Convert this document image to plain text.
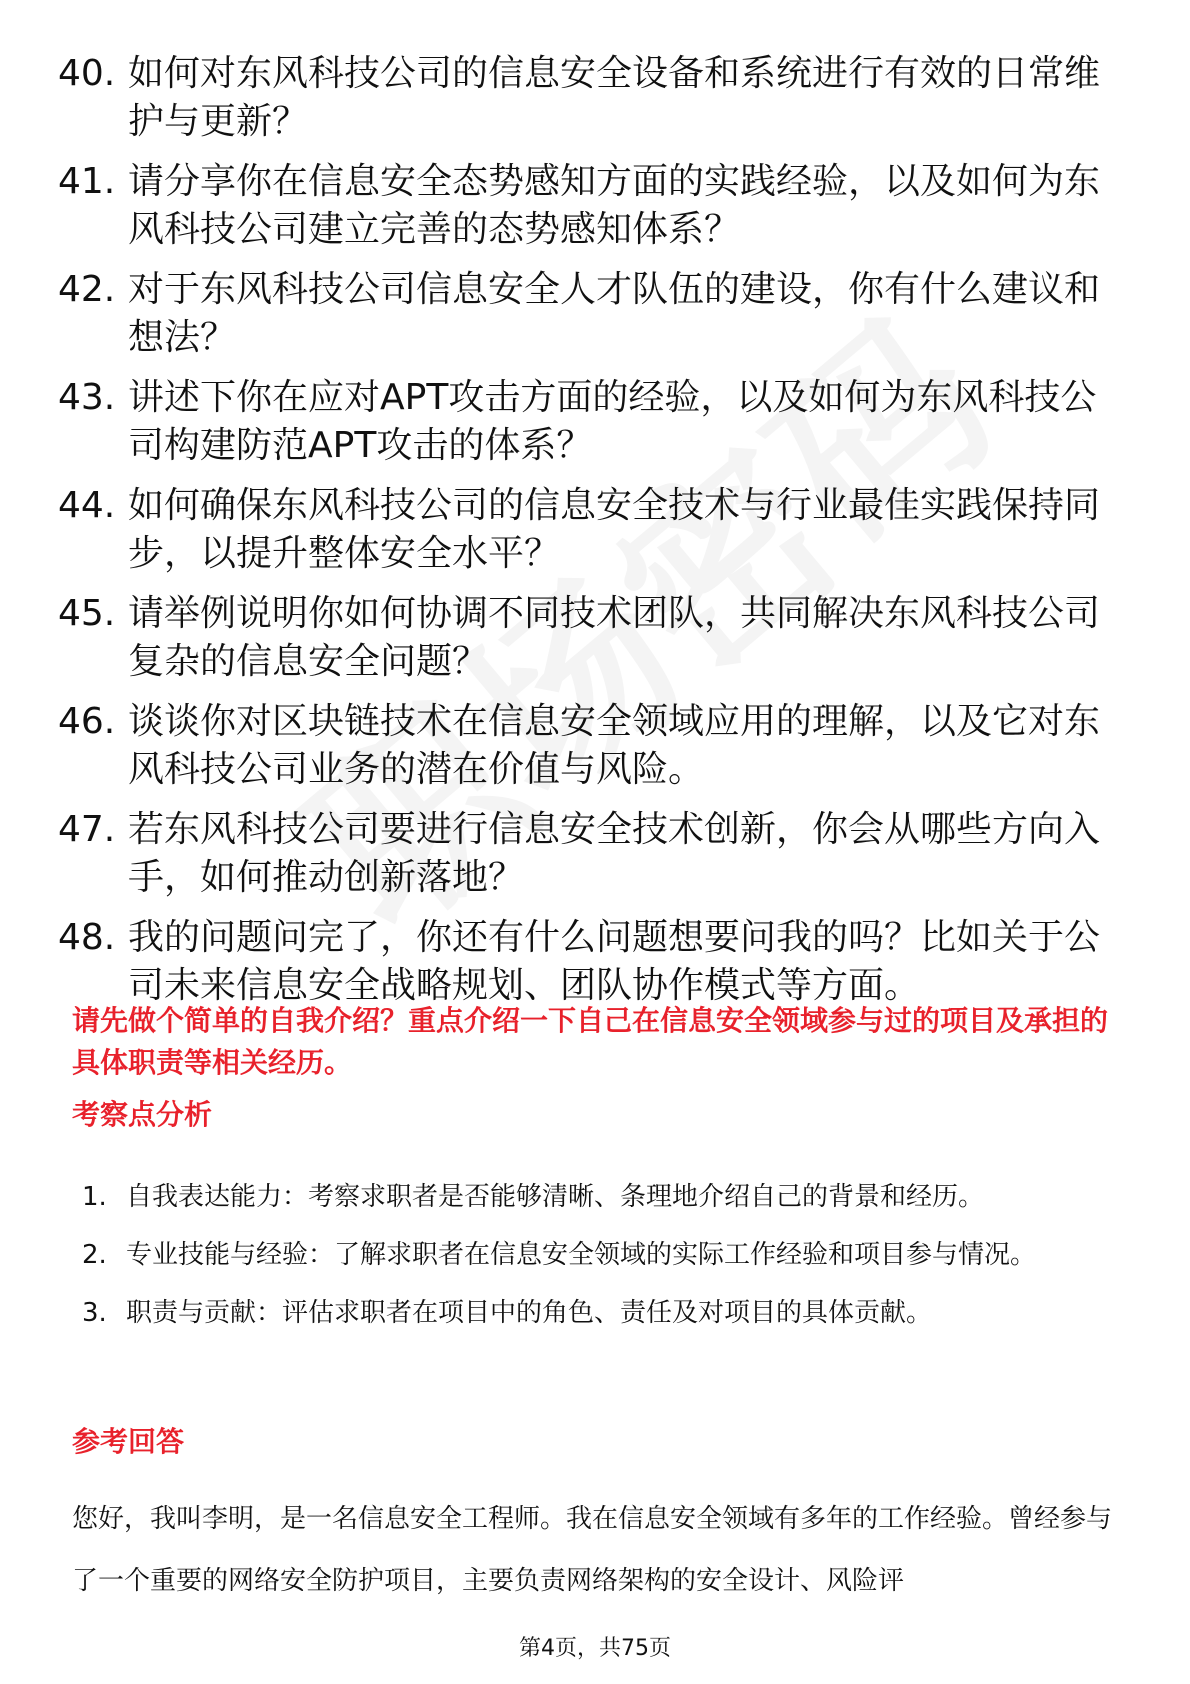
40. 如何对东风科技公司的信息安全设备和系统进行有效的日常维护与更新？
41. 请分享你在信息安全态势感知方面的实践经验，以及如何为东风科技公司建立完善的态势感知体系？
42. 对于东风科技公司信息安全人才队伍的建设，你有什么建议和想法？
43. 讲述下你在应对APT攻击方面的经验，以及如何为东风科技公司构建防范APT攻击的体系？
44. 如何确保东风科技公司的信息安全技术与行业最佳实践保持同步，以提升整体安全水平？
45. 请举例说明你如何协调不同技术团队，共同解决东风科技公司复杂的信息安全问题？
46. 谈谈你对区块链技术在信息安全领域应用的理解，以及它对东风科技公司业务的潜在价值与风险。
47. 若东风科技公司要进行信息安全技术创新，你会从哪些方向入手，如何推动创新落地？
48. 我的问题问完了，你还有什么问题想要问我的吗？比如关于公司未来信息安全战略规划、团队协作模式等方面。
请先做个简单的自我介绍？重点介绍一下自己在信息安全领域参与过的项目及承担的具体职责等相关经历。
考察点分析
1. 自我表达能力：考察求职者是否能够清晰、条理地介绍自己的背景和经历。
2. 专业技能与经验：了解求职者在信息安全领域的实际工作经验和项目参与情况。
3. 职责与贡献：评估求职者在项目中的角色、责任及对项目的具体贡献。
参考回答

您好，我叫李明，是一名信息安全工程师。我在信息安全领域有多年的工作经验。曾经参与了一个重要的网络安全防护项目，主要负责网络架构的安全设计、风险评

第4页，共75页
